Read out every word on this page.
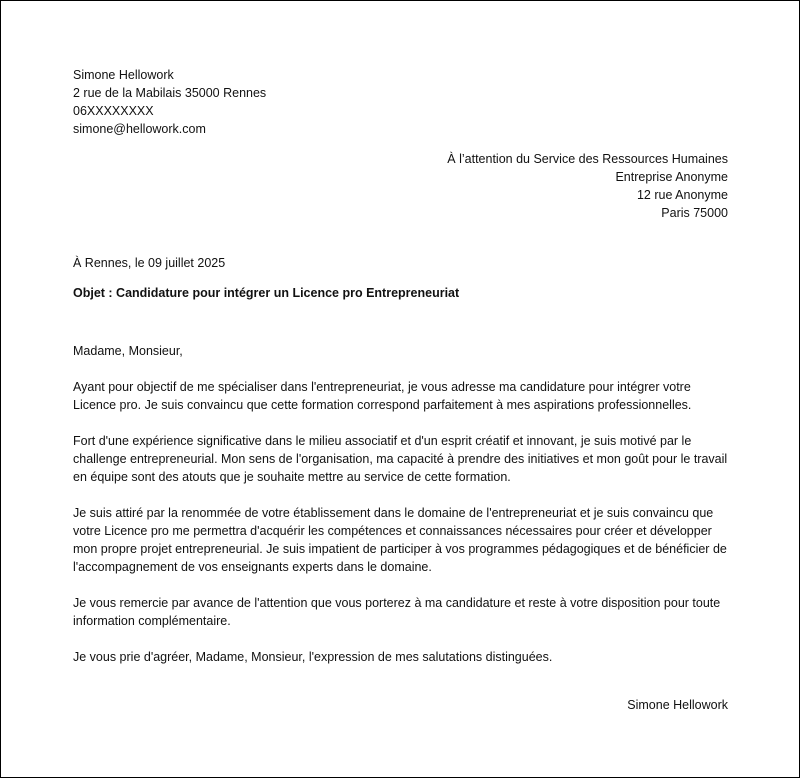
Simone Hellowork
2 rue de la Mabilais 35000 Rennes
06XXXXXXXX
simone@hellowork.com
À l’attention du Service des Ressources Humaines
Entreprise Anonyme
12 rue Anonyme
Paris 75000
À Rennes, le 09 juillet 2025
Objet : Candidature pour intégrer un Licence pro Entrepreneuriat

Madame, Monsieur,

Ayant pour objectif de me spécialiser dans l'entrepreneuriat, je vous adresse ma candidature pour intégrer votre Licence pro. Je suis convaincu que cette formation correspond parfaitement à mes aspirations professionnelles.

Fort d'une expérience significative dans le milieu associatif et d'un esprit créatif et innovant, je suis motivé par le challenge entrepreneurial. Mon sens de l'organisation, ma capacité à prendre des initiatives et mon goût pour le travail en équipe sont des atouts que je souhaite mettre au service de cette formation.

Je suis attiré par la renommée de votre établissement dans le domaine de l'entrepreneuriat et je suis convaincu que votre Licence pro me permettra d'acquérir les compétences et connaissances nécessaires pour créer et développer mon propre projet entrepreneurial. Je suis impatient de participer à vos programmes pédagogiques et de bénéficier de l'accompagnement de vos enseignants experts dans le domaine.

Je vous remercie par avance de l'attention que vous porterez à ma candidature et reste à votre disposition pour toute information complémentaire.

Je vous prie d'agréer, Madame, Monsieur, l'expression de mes salutations distinguées.

Simone Hellowork
